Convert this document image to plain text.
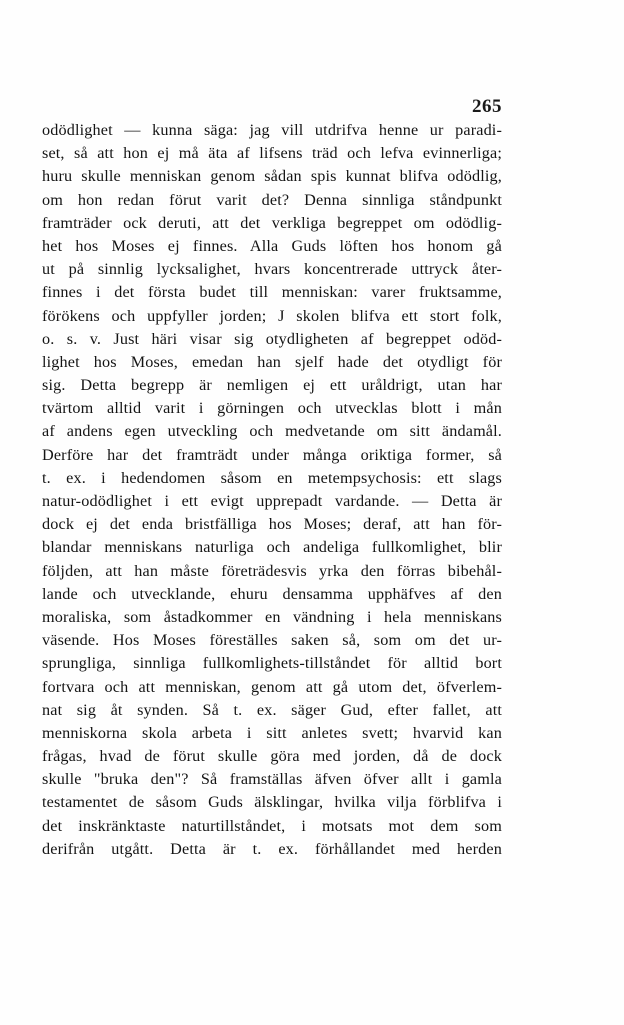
265
odödlighet — kunna säga: jag vill utdrifva henne ur paradi-
set, så att hon ej må äta af lifsens träd och lefva evinnerliga;
huru skulle menniskan genom sådan spis kunnat blifva odödlig,
om hon redan förut varit det? Denna sinnliga ståndpunkt
framträder ock deruti, att det verkliga begreppet om odödlig-
het hos Moses ej finnes. Alla Guds löften hos honom gå
ut på sinnlig lycksalighet, hvars koncentrerade uttryck åter-
finnes i det första budet till menniskan: varer fruktsamme,
förökens och uppfyller jorden; J skolen blifva ett stort folk,
o. s. v. Just häri visar sig otydligheten af begreppet odöd-
lighet hos Moses, emedan han sjelf hade det otydligt för
sig. Detta begrepp är nemligen ej ett uråldrigt, utan har
tvärtom alltid varit i görningen och utvecklas blott i mån
af andens egen utveckling och medvetande om sitt ändamål.
Derföre har det framträdt under många oriktiga former, så
t. ex. i hedendomen såsom en metempsychosis: ett slags
natur-odödlighet i ett evigt upprepadt vardande. — Detta är
dock ej det enda bristfälliga hos Moses; deraf, att han för-
blandar menniskans naturliga och andeliga fullkomlighet, blir
följden, att han måste företrädesvis yrka den förras bibehål-
lande och utvecklande, ehuru densamma upphäfves af den
moraliska, som åstadkommer en vändning i hela menniskans
väsende. Hos Moses föreställes saken så, som om det ur-
sprungliga, sinnliga fullkomlighets-tillståndet för alltid bort
fortvara och att menniskan, genom att gå utom det, öfverlem-
nat sig åt synden. Så t. ex. säger Gud, efter fallet, att
menniskorna skola arbeta i sitt anletes svett; hvarvid kan
frågas, hvad de förut skulle göra med jorden, då de dock
skulle "bruka den"? Så framställas äfven öfver allt i gamla
testamentet de såsom Guds älsklingar, hvilka vilja förblifva i
det inskränktaste naturtillståndet, i motsats mot dem som
derifrån utgått. Detta är t. ex. förhållandet med herden
